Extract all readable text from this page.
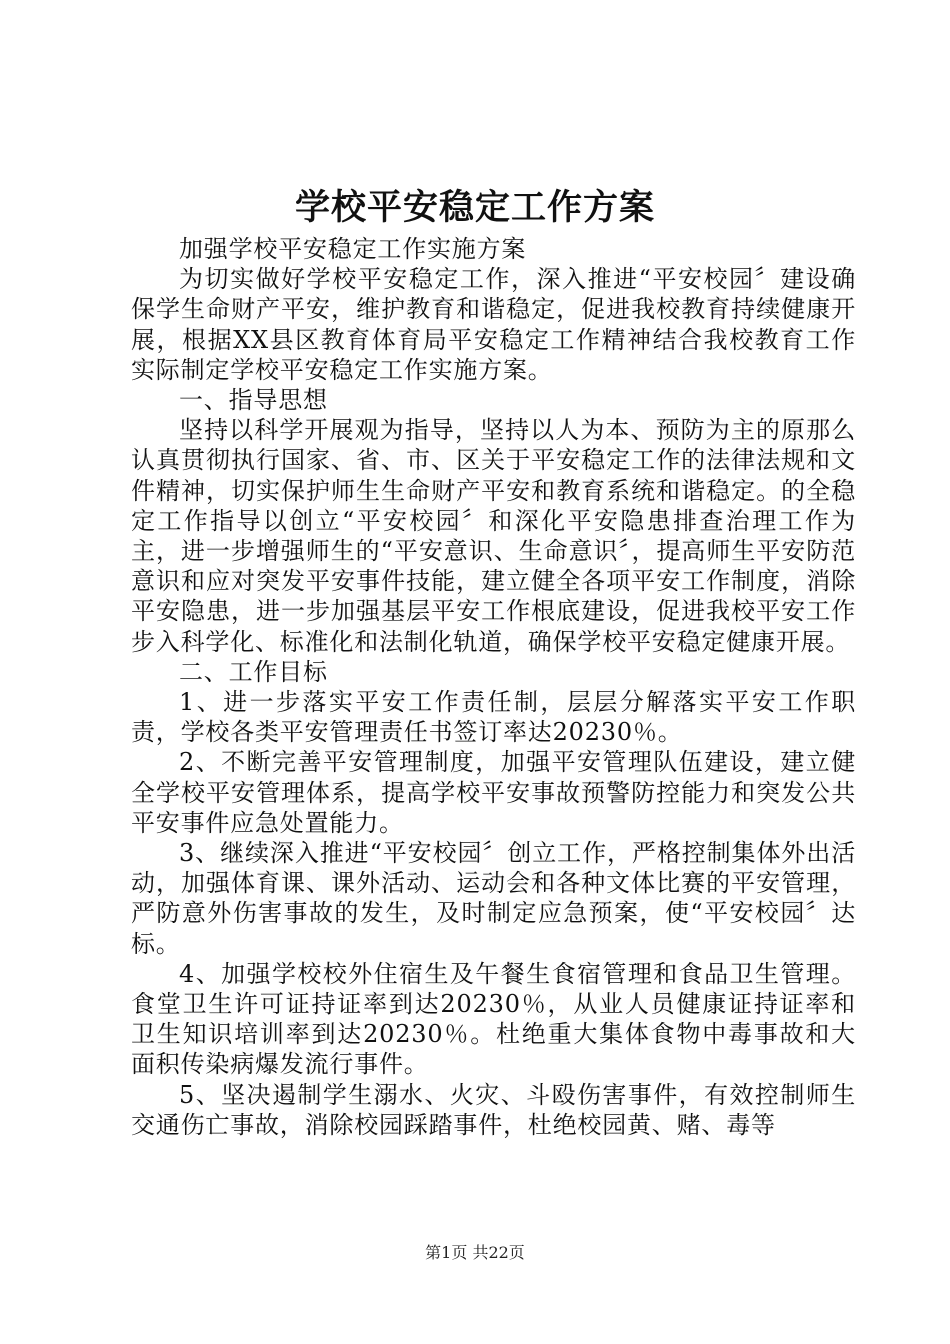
学校平安稳定工作方案

加强学校平安稳定工作实施方案

为切实做好学校平安稳定工作，深入推进“平安校园〞建设确保学生命财产平安，维护教育和谐稳定，促进我校教育持续健康开展，根据XX县区教育体育局平安稳定工作精神结合我校教育工作实际制定学校平安稳定工作实施方案。

一、指导思想

坚持以科学开展观为指导，坚持以人为本、预防为主的原那么认真贯彻执行国家、省、市、区关于平安稳定工作的法律法规和文件精神，切实保护师生生命财产平安和教育系统和谐稳定。的全稳定工作指导以创立“平安校园〞和深化平安隐患排查治理工作为主，进一步增强师生的“平安意识、生命意识〞，提高师生平安防范意识和应对突发平安事件技能，建立健全各项平安工作制度，消除平安隐患，进一步加强基层平安工作根底建设，促进我校平安工作步入科学化、标准化和法制化轨道，确保学校平安稳定健康开展。

二、工作目标

1、进一步落实平安工作责任制，层层分解落实平安工作职责，学校各类平安管理责任书签订率达20230％。

2、不断完善平安管理制度，加强平安管理队伍建设，建立健全学校平安管理体系，提高学校平安事故预警防控能力和突发公共平安事件应急处置能力。

3、继续深入推进“平安校园〞创立工作，严格控制集体外出活动，加强体育课、课外活动、运动会和各种文体比赛的平安管理，严防意外伤害事故的发生，及时制定应急预案，使“平安校园〞达标。

4、加强学校校外住宿生及午餐生食宿管理和食品卫生管理。食堂卫生许可证持证率到达20230％，从业人员健康证持证率和卫生知识培训率到达20230％。杜绝重大集体食物中毒事故和大面积传染病爆发流行事件。

5、坚决遏制学生溺水、火灾、斗殴伤害事件，有效控制师生交通伤亡事故，消除校园踩踏事件，杜绝校园黄、赌、毒等

第1页 共22页
